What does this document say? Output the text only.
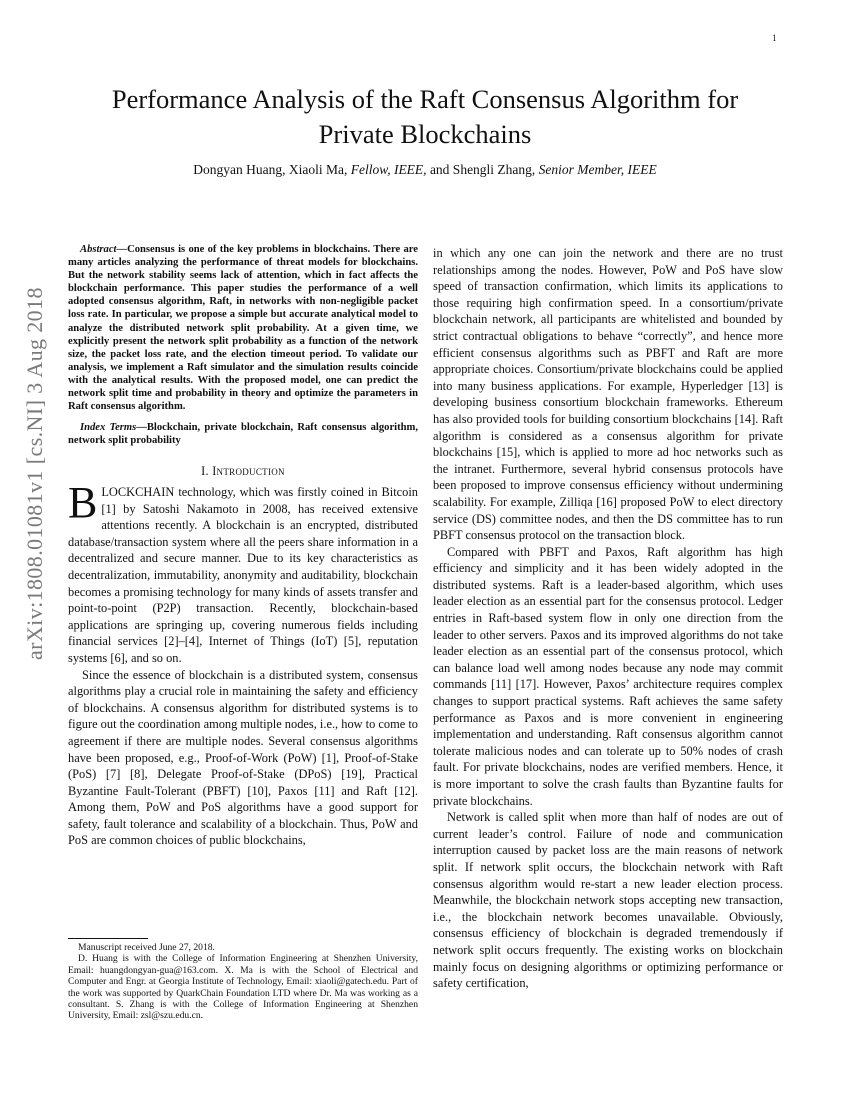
1
arXiv:1808.01081v1 [cs.NI] 3 Aug 2018
Performance Analysis of the Raft Consensus Algorithm for Private Blockchains
Dongyan Huang, Xiaoli Ma, Fellow, IEEE, and Shengli Zhang, Senior Member, IEEE

Abstract—Consensus is one of the key problems in blockchains. There are many articles analyzing the performance of threat models for blockchains. But the network stability seems lack of attention, which in fact affects the blockchain performance. This paper studies the performance of a well adopted consensus algorithm, Raft, in networks with non-negligible packet loss rate. In particular, we propose a simple but accurate analytical model to analyze the distributed network split probability. At a given time, we explicitly present the network split probability as a function of the network size, the packet loss rate, and the election timeout period. To validate our analysis, we implement a Raft simulator and the simulation results coincide with the analytical results. With the proposed model, one can predict the network split time and probability in theory and optimize the parameters in Raft consensus algorithm.

Index Terms—Blockchain, private blockchain, Raft consensus algorithm, network split probability

I. Introduction

BLOCKCHAIN technology, which was firstly coined in Bitcoin [1] by Satoshi Nakamoto in 2008, has received extensive attentions recently. A blockchain is an encrypted, distributed database/transaction system where all the peers share information in a decentralized and secure manner. Due to its key characteristics as decentralization, immutability, anonymity and auditability, blockchain becomes a promising technology for many kinds of assets transfer and point-to-point (P2P) transaction. Recently, blockchain-based applications are springing up, covering numerous fields including financial services [2]–[4], Internet of Things (IoT) [5], reputation systems [6], and so on.

Since the essence of blockchain is a distributed system, consensus algorithms play a crucial role in maintaining the safety and efficiency of blockchains. A consensus algorithm for distributed systems is to figure out the coordination among multiple nodes, i.e., how to come to agreement if there are multiple nodes. Several consensus algorithms have been proposed, e.g., Proof-of-Work (PoW) [1], Proof-of-Stake (PoS) [7] [8], Delegate Proof-of-Stake (DPoS) [19], Practical Byzantine Fault-Tolerant (PBFT) [10], Paxos [11] and Raft [12]. Among them, PoW and PoS algorithms have a good support for safety, fault tolerance and scalability of a blockchain. Thus, PoW and PoS are common choices of public blockchains,

in which any one can join the network and there are no trust relationships among the nodes. However, PoW and PoS have slow speed of transaction confirmation, which limits its applications to those requiring high confirmation speed. In a consortium/private blockchain network, all participants are whitelisted and bounded by strict contractual obligations to behave “correctly”, and hence more efficient consensus algorithms such as PBFT and Raft are more appropriate choices. Consortium/private blockchains could be applied into many business applications. For example, Hyperledger [13] is developing business consortium blockchain frameworks. Ethereum has also provided tools for building consortium blockchains [14]. Raft algorithm is considered as a consensus algorithm for private blockchains [15], which is applied to more ad hoc networks such as the intranet. Furthermore, several hybrid consensus protocols have been proposed to improve consensus efficiency without undermining scalability. For example, Zilliqa [16] proposed PoW to elect directory service (DS) committee nodes, and then the DS committee has to run PBFT consensus protocol on the transaction block.

Compared with PBFT and Paxos, Raft algorithm has high efficiency and simplicity and it has been widely adopted in the distributed systems. Raft is a leader-based algorithm, which uses leader election as an essential part for the consensus protocol. Ledger entries in Raft-based system flow in only one direction from the leader to other servers. Paxos and its improved algorithms do not take leader election as an essential part of the consensus protocol, which can balance load well among nodes because any node may commit commands [11] [17]. However, Paxos’ architecture requires complex changes to support practical systems. Raft achieves the same safety performance as Paxos and is more convenient in engineering implementation and understanding. Raft consensus algorithm cannot tolerate malicious nodes and can tolerate up to 50% nodes of crash fault. For private blockchains, nodes are verified members. Hence, it is more important to solve the crash faults than Byzantine faults for private blockchains.

Network is called split when more than half of nodes are out of current leader’s control. Failure of node and communication interruption caused by packet loss are the main reasons of network split. If network split occurs, the blockchain network with Raft consensus algorithm would re-start a new leader election process. Meanwhile, the blockchain network stops accepting new transaction, i.e., the blockchain network becomes unavailable. Obviously, consensus efficiency of blockchain is degraded tremendously if network split occurs frequently. The existing works on blockchain mainly focus on designing algorithms or optimizing performance or safety certification,

Manuscript received June 27, 2018.

D. Huang is with the College of Information Engineering at Shenzhen University, Email: huangdongyan-gua@163.com. X. Ma is with the School of Electrical and Computer and Engr. at Georgia Institute of Technology, Email: xiaoli@gatech.edu. Part of the work was supported by QuarkChain Foundation LTD where Dr. Ma was working as a consultant. S. Zhang is with the College of Information Engineering at Shenzhen University, Email: zsl@szu.edu.cn.
